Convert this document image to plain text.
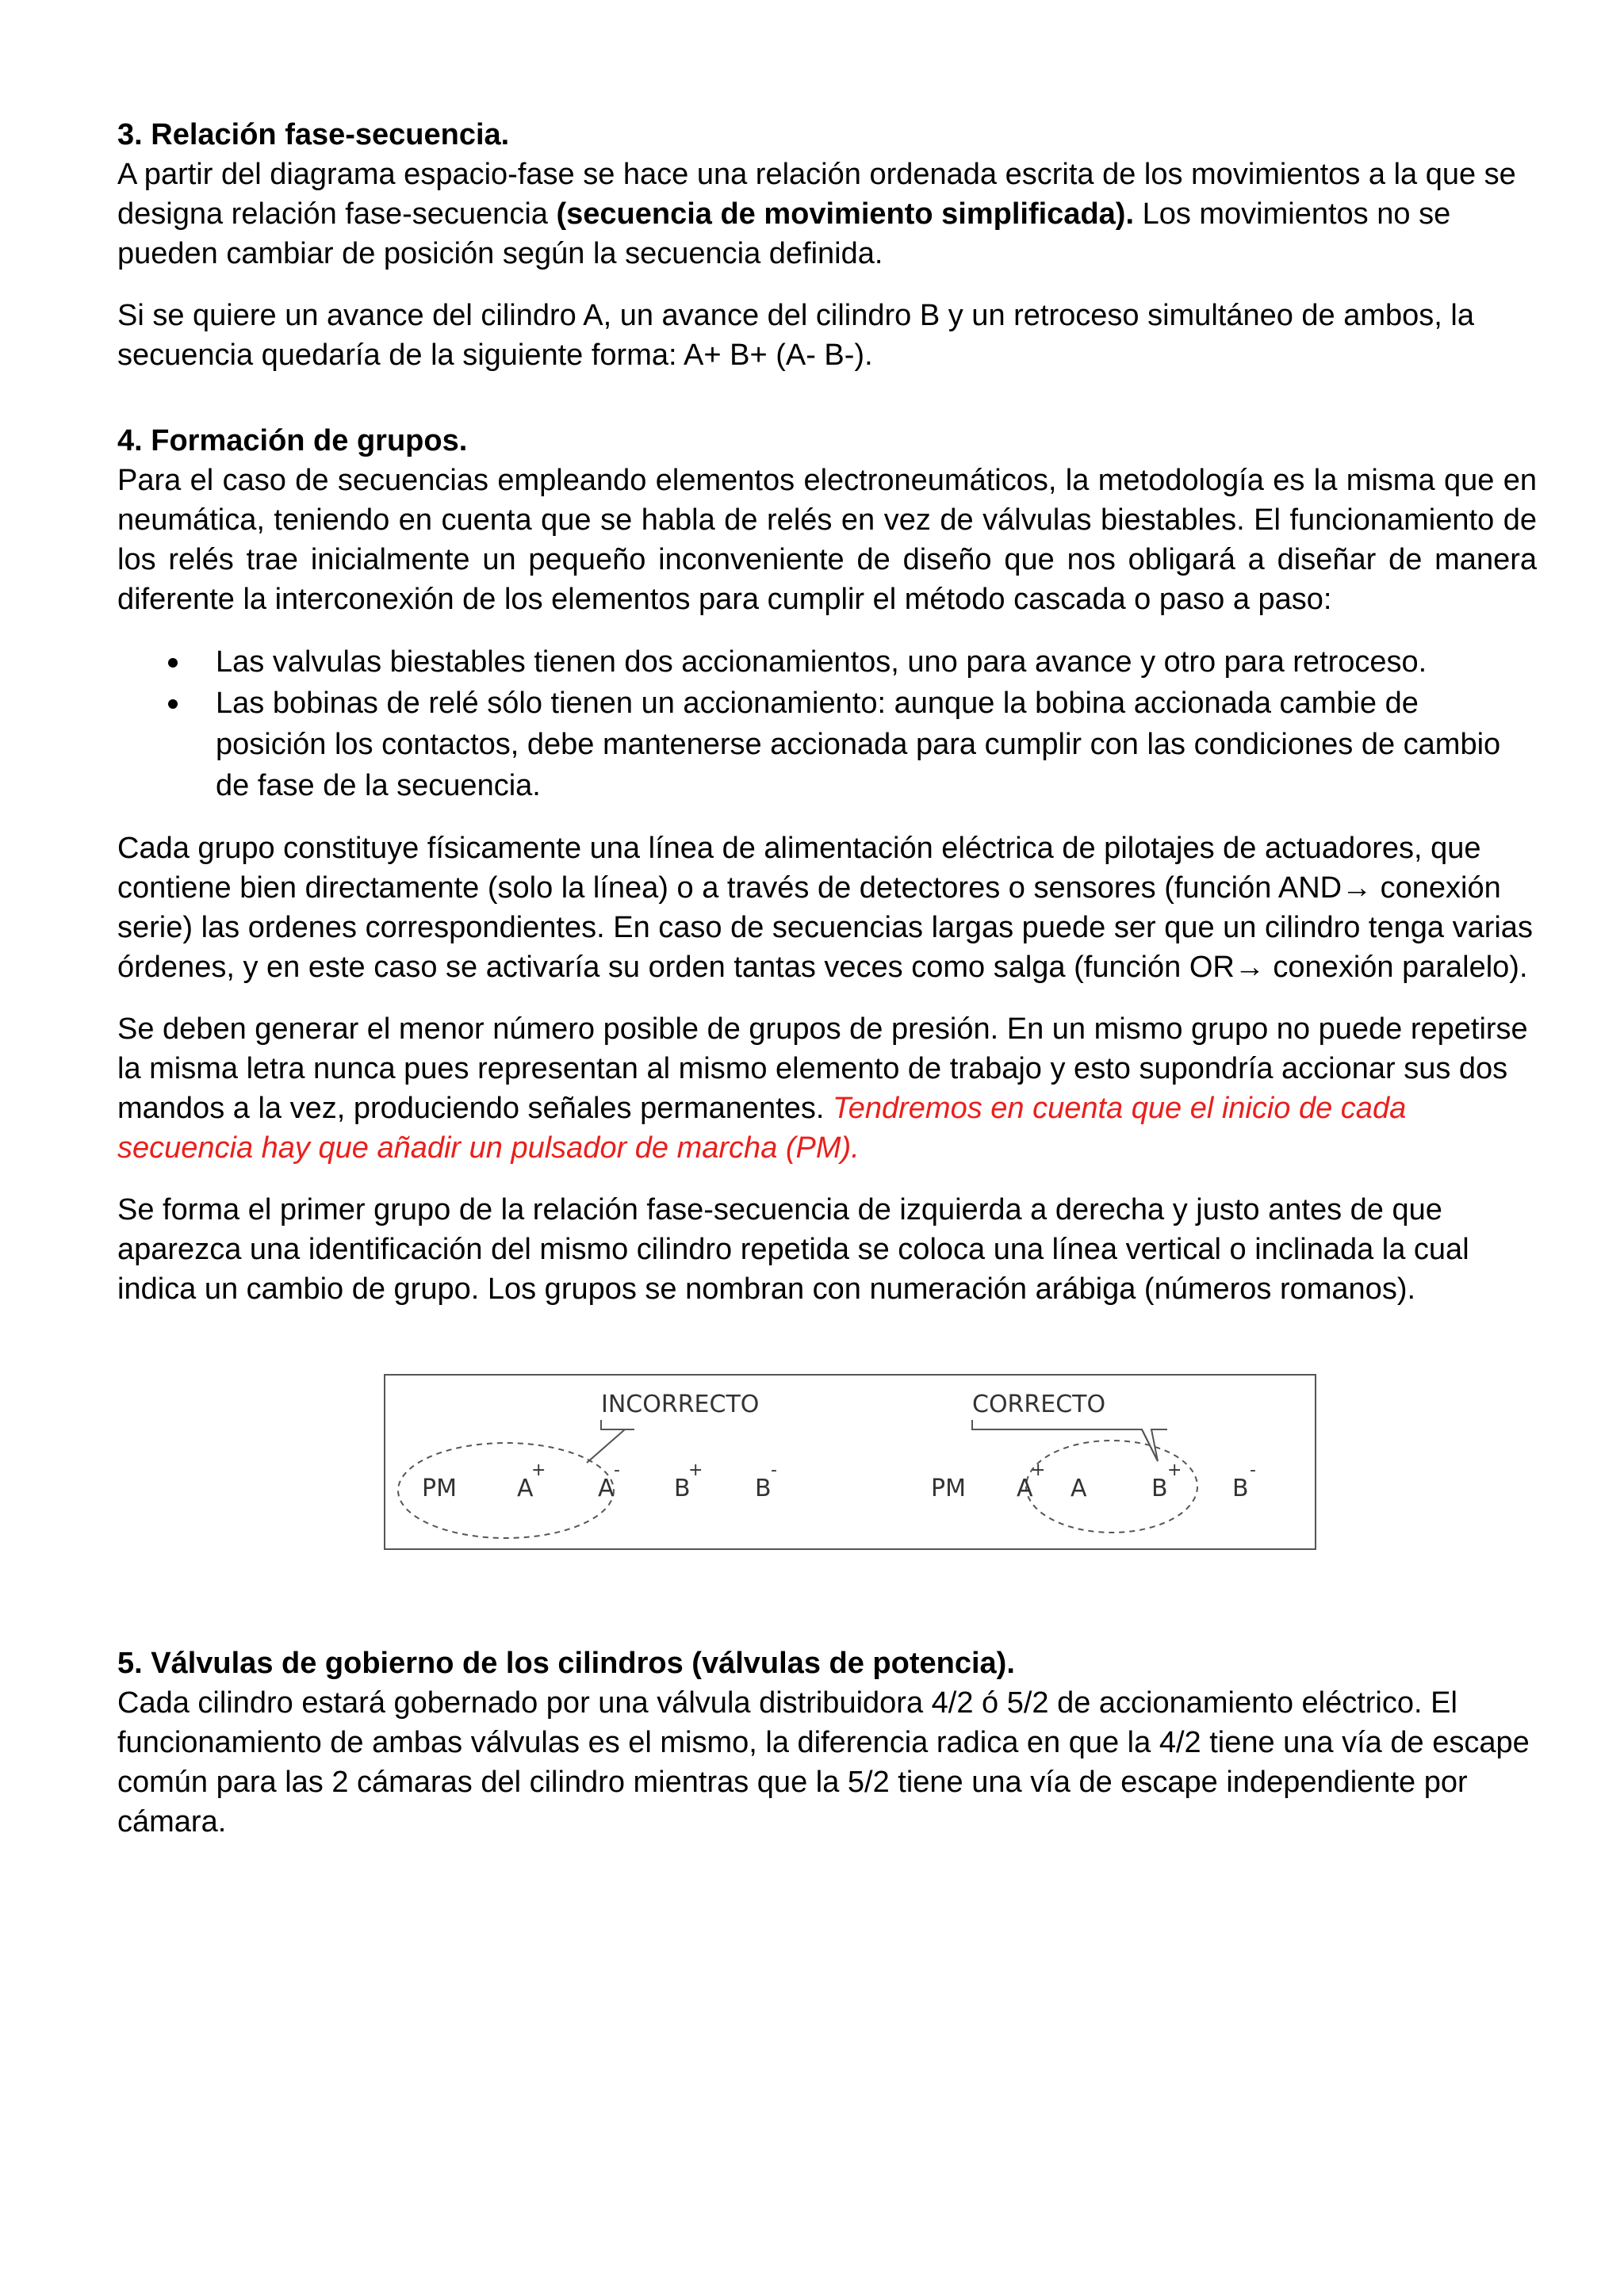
3. Relación fase-secuencia.

A partir del diagrama espacio-fase se hace una relación ordenada escrita de los movimientos a la que se designa relación fase-secuencia (secuencia de movimiento simplificada). Los movimientos no se pueden cambiar de posición según la secuencia definida.

Si se quiere un avance del cilindro A, un avance del cilindro B y un retroceso simultáneo de ambos, la secuencia quedaría de la siguiente forma: A+ B+ (A- B-).

4. Formación de grupos.

Para el caso de secuencias empleando elementos electroneumáticos, la metodología es la misma que en neumática, teniendo en cuenta que se habla de relés en vez de válvulas biestables. El funcionamiento de los relés trae inicialmente un pequeño inconveniente de diseño que nos obligará a diseñar de manera diferente la interconexión de los elementos para cumplir el método cascada o paso a paso:

Las valvulas biestables tienen dos accionamientos, uno para avance y otro para retroceso.
Las bobinas de relé sólo tienen un accionamiento: aunque la bobina accionada cambie de posición los contactos, debe mantenerse accionada para cumplir con las condiciones de cambio de fase de la secuencia.

Cada grupo constituye físicamente una línea de alimentación eléctrica de pilotajes de actuadores, que contiene bien directamente (solo la línea) o a través de detectores o sensores (función AND→ conexión serie) las ordenes correspondientes. En caso de secuencias largas puede ser que un cilindro tenga varias órdenes, y en este caso se activaría su orden tantas veces como salga (función OR→ conexión paralelo).

Se deben generar el menor número posible de grupos de presión. En un mismo grupo no puede repetirse la misma letra nunca pues representan al mismo elemento de trabajo y esto supondría accionar sus dos mandos a la vez, produciendo señales permanentes. Tendremos en cuenta que el inicio de cada secuencia hay que añadir un pulsador de marcha (PM).

Se forma el primer grupo de la relación fase-secuencia de izquierda a derecha y justo antes de que aparezca una identificación del mismo cilindro repetida se coloca una línea vertical o inclinada la cual indica un cambio de grupo. Los grupos se nombran con numeración arábiga (números romanos).

INCORRECTO
PM	A
+
A
-
B
+
B
-
CORRECTO
PM A
+
A	B
+
B
-
5. Válvulas de gobierno de los cilindros (válvulas de potencia).

Cada cilindro estará gobernado por una válvula distribuidora 4/2 ó 5/2 de accionamiento eléctrico. El funcionamiento de ambas válvulas es el mismo, la diferencia radica en que la 4/2 tiene una vía de escape común para las 2 cámaras del cilindro mientras que la 5/2 tiene una vía de escape independiente por cámara.
